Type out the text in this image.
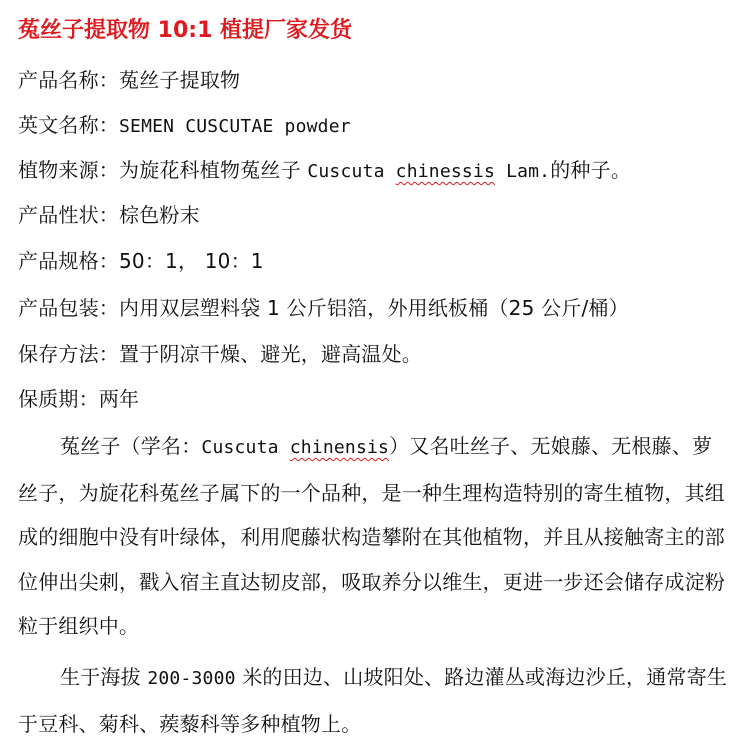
菟丝子提取物 10:1 植提厂家发货
产品名称：菟丝子提取物
英文名称：SEMEN CUSCUTAE powder
植物来源：为旋花科植物菟丝子 Cuscuta chinessis Lam.的种子。
产品性状：棕色粉末
产品规格：50：1， 10：1
产品包装：内用双层塑料袋 1 公斤铝箔，外用纸板桶（25 公斤/桶）
保存方法：置于阴凉干燥、避光，避高温处。
保质期：两年
菟丝子（学名：Cuscuta chinensis）又名吐丝子、无娘藤、无根藤、萝丝子，为旋花科菟丝子属下的一个品种，是一种生理构造特别的寄生植物，其组成的细胞中没有叶绿体，利用爬藤状构造攀附在其他植物，并且从接触寄主的部位伸出尖刺，戳入宿主直达韧皮部，吸取养分以维生，更进一步还会储存成淀粉粒于组织中。
生于海拔 200-3000 米的田边、山坡阳处、路边灌丛或海边沙丘，通常寄生于豆科、菊科、蒺藜科等多种植物上。
